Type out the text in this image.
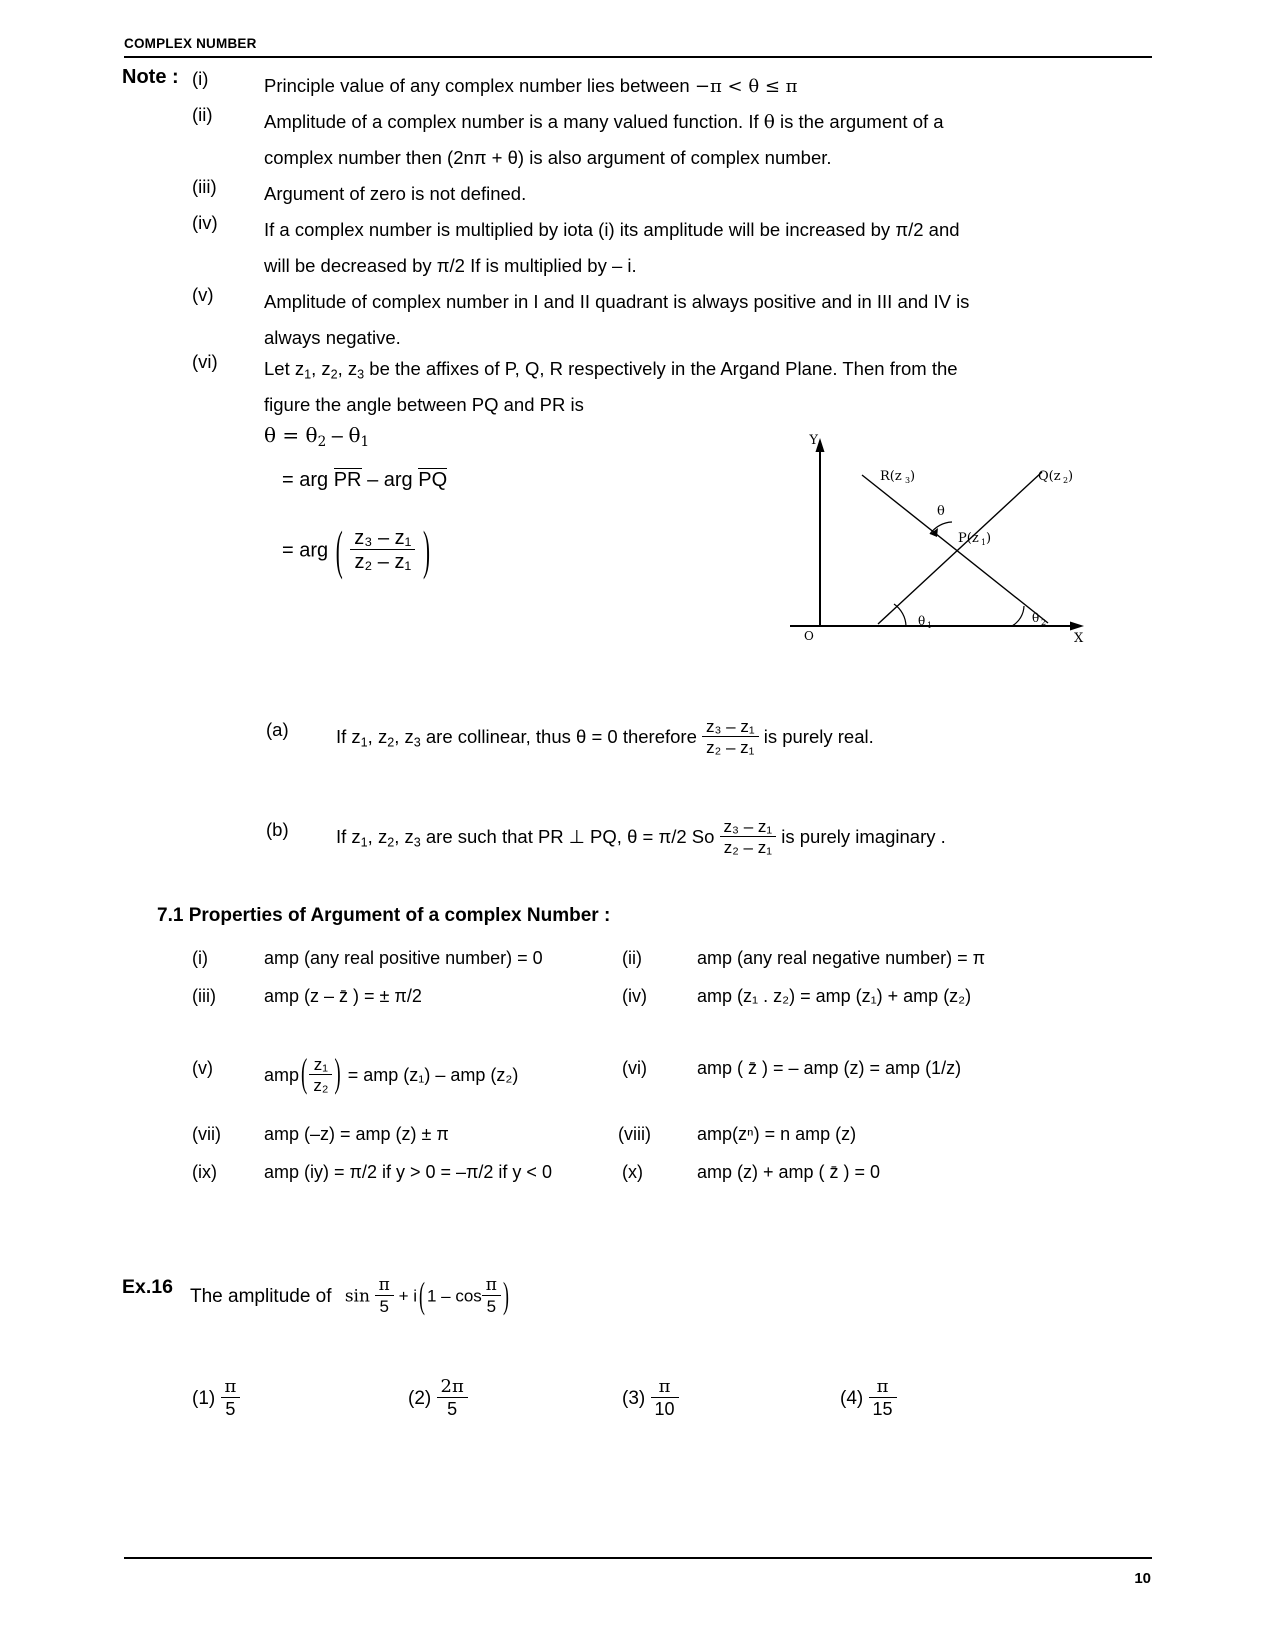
COMPLEX NUMBER
Note : (i)	Principle value of any complex number lies between −π < θ ≤ π
(ii)	Amplitude of a complex number is a many valued function. If θ is the argument of a
complex number then (2nπ + θ) is also argument of complex number.
(iii)	Argument of zero is not defined.
(iv)	If a complex number is multiplied by iota (i) its amplitude will be increased by π/2 and
will be decreased by π/2 If is multiplied by – i.
(v)	Amplitude of complex number in I and II quadrant is always positive and in III and IV is
always negative.
(vi)	Let $z_1$, $z_2$, $z_3$ be the affixes of P, Q, R respectively in the Argand Plane. Then from the
figure the angle between PQ and PR is
$\theta = \theta_2 - \theta_1$
= arg PR – arg PQ
= arg ( $\frac{\text{z₃ – z₁}}{\text{z₂ – z₁}}$ )
Y
X
O
R(z 3 )	Q(z 2 )
P(z 1 )
θ
θ 1
θ 2
(a)	If $z_1$, $z_2$, $z_3$ are collinear, thus θ = 0 therefore $\frac{\text{z₃ – z₁}}{\text{z₂ – z₁}}$ is purely real.
(b)	If $z_1$, $z_2$, $z_3$ are such that PR ⊥ PQ, θ = π/2 So $\frac{\text{z₃ – z₁}}{\text{z₂ – z₁}}$ is purely imaginary .
7.1 Properties of Argument of a complex Number :
(i)	amp (any real positive number) = 0	(ii)	amp (any real negative number) = π
(iii)	amp (z – z̄ ) = ± π/2	(iv)	amp (z₁ . z₂) = amp (z₁) + amp (z₂)
(v)	amp ( $\frac{\text{z₁}}{\text{z₂}}$ ) = amp (z₁) – amp (z₂)	(vi)	amp ( z̄ ) = – amp (z) = amp (1/z)
(vii) amp (–z) = amp (z) ± π	(viii)	amp(zⁿ) = n amp (z)
(ix)	amp (iy) = π/2 if y > 0 = –π/2 if y < 0	(x)	amp (z) + amp ( z̄ ) = 0
Ex.16 The amplitude of $\sin \frac{\pi}{5} + i$ ( $1 - \cos \frac{\pi}{5}$ )
$(1) \frac{\pi}{5}$	$(2) \frac{2\pi}{5}$	$(3) \frac{\pi}{10}$	$(4) \frac{\pi}{15}$
10
